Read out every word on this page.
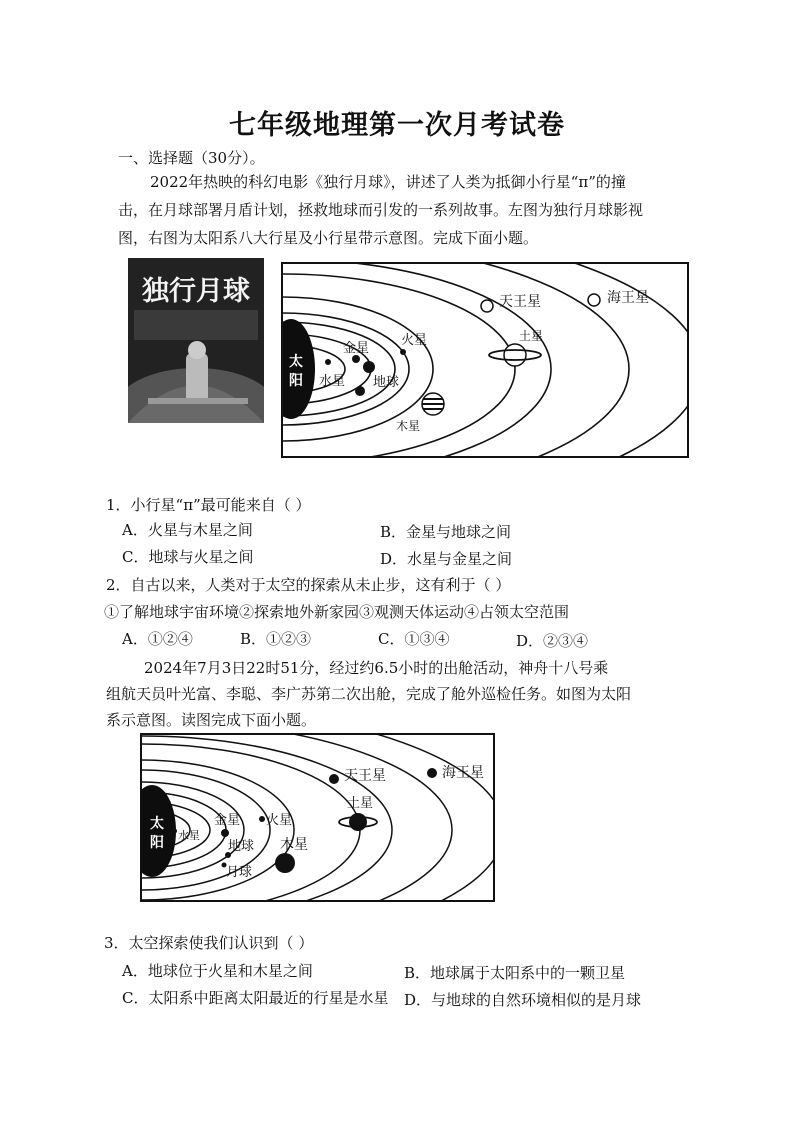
七年级地理第一次月考试卷
一、选择题（30分）。
2022年热映的科幻电影《独行月球》，讲述了人类为抵御小行星“π”的撞
击，在月球部署月盾计划，拯救地球而引发的一系列故事。左图为独行月球影视
图，右图为太阳系八大行星及小行星带示意图。完成下面小题。
独行月球
太
阳 水星
金星
地球
火星
木星
土星
天王星	海王星
1．小行星“π”最可能来自（ ）
A．火星与木星之间	B．金星与地球之间
C．地球与火星之间	D．水星与金星之间
2．自古以来，人类对于太空的探索从未止步，这有利于（ ）
①了解地球宇宙环境②探索地外新家园③观测天体运动④占领太空范围
A．①②④	B．①②③	C．①③④	D．②③④
2024年7月3日22时51分，经过约6.5小时的出舱活动，神舟十八号乘
组航天员叶光富、李聪、李广苏第二次出舱，完成了舱外巡检任务。如图为太阳
系示意图。读图完成下面小题。
太
阳 水星
金星 火星
地球
月球
木星
土星
天王星	海王星
3．太空探索使我们认识到（ ）
A．地球位于火星和木星之间	B．地球属于太阳系中的一颗卫星
C．太阳系中距离太阳最近的行星是水星 D．与地球的自然环境相似的是月球
